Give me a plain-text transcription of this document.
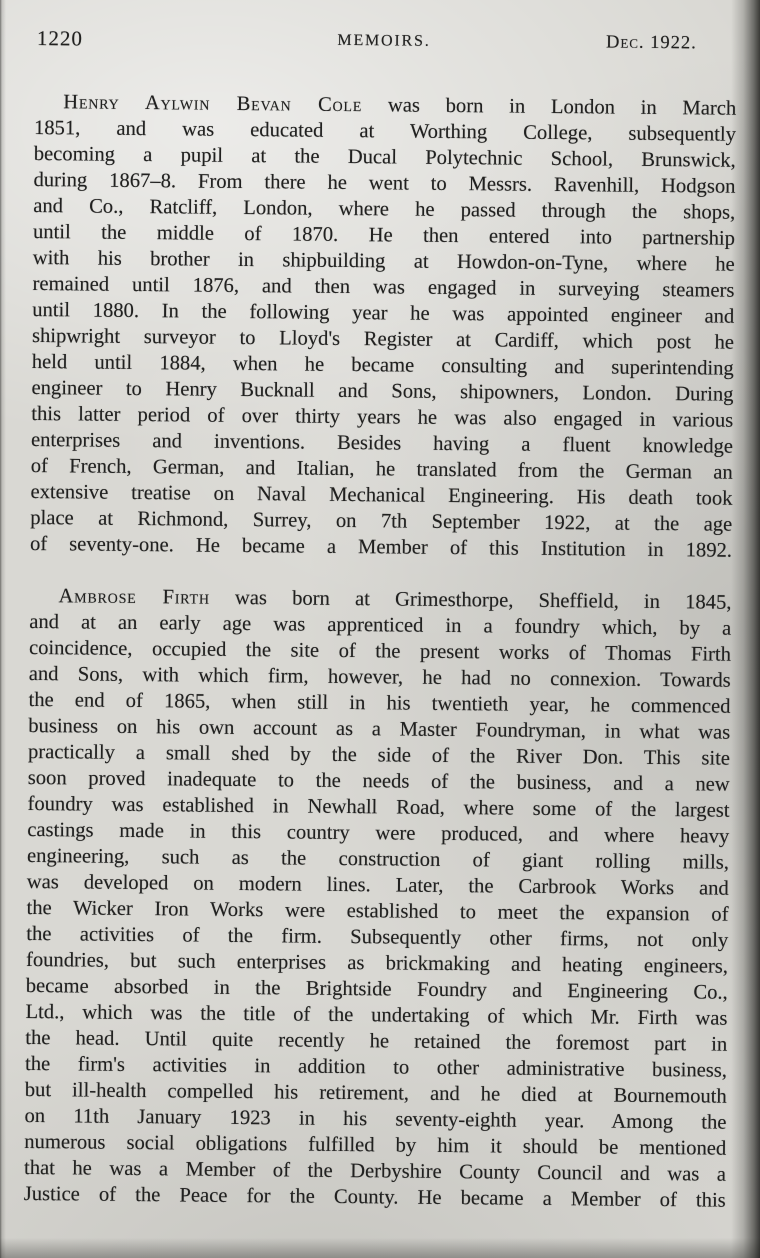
1220	MEMOIRS.	Dec. 1922.
Henry Aylwin Bevan Cole was born in London in March
1851, and was educated at Worthing College, subsequently
becoming a pupil at the Ducal Polytechnic School, Brunswick,
during 1867–8. From there he went to Messrs. Ravenhill, Hodgson
and Co., Ratcliff, London, where he passed through the shops,
until the middle of 1870. He then entered into partnership
with his brother in shipbuilding at Howdon-on-Tyne, where he
remained until 1876, and then was engaged in surveying steamers
until 1880. In the following year he was appointed engineer and
shipwright surveyor to Lloyd's Register at Cardiff, which post he
held until 1884, when he became consulting and superintending
engineer to Henry Bucknall and Sons, shipowners, London. During
this latter period of over thirty years he was also engaged in various
enterprises and inventions. Besides having a fluent knowledge
of French, German, and Italian, he translated from the German an
extensive treatise on Naval Mechanical Engineering. His death took
place at Richmond, Surrey, on 7th September 1922, at the age
of seventy-one. He became a Member of this Institution in 1892.
Ambrose Firth was born at Grimesthorpe, Sheffield, in 1845,
and at an early age was apprenticed in a foundry which, by a
coincidence, occupied the site of the present works of Thomas Firth
and Sons, with which firm, however, he had no connexion. Towards
the end of 1865, when still in his twentieth year, he commenced
business on his own account as a Master Foundryman, in what was
practically a small shed by the side of the River Don. This site
soon proved inadequate to the needs of the business, and a new
foundry was established in Newhall Road, where some of the largest
castings made in this country were produced, and where heavy
engineering, such as the construction of giant rolling mills,
was developed on modern lines. Later, the Carbrook Works and
the Wicker Iron Works were established to meet the expansion of
the activities of the firm. Subsequently other firms, not only
foundries, but such enterprises as brickmaking and heating engineers,
became absorbed in the Brightside Foundry and Engineering Co.,
Ltd., which was the title of the undertaking of which Mr. Firth was
the head. Until quite recently he retained the foremost part in
the firm's activities in addition to other administrative business,
but ill-health compelled his retirement, and he died at Bournemouth
on 11th January 1923 in his seventy-eighth year. Among the
numerous social obligations fulfilled by him it should be mentioned
that he was a Member of the Derbyshire County Council and was a
Justice of the Peace for the County. He became a Member of this
